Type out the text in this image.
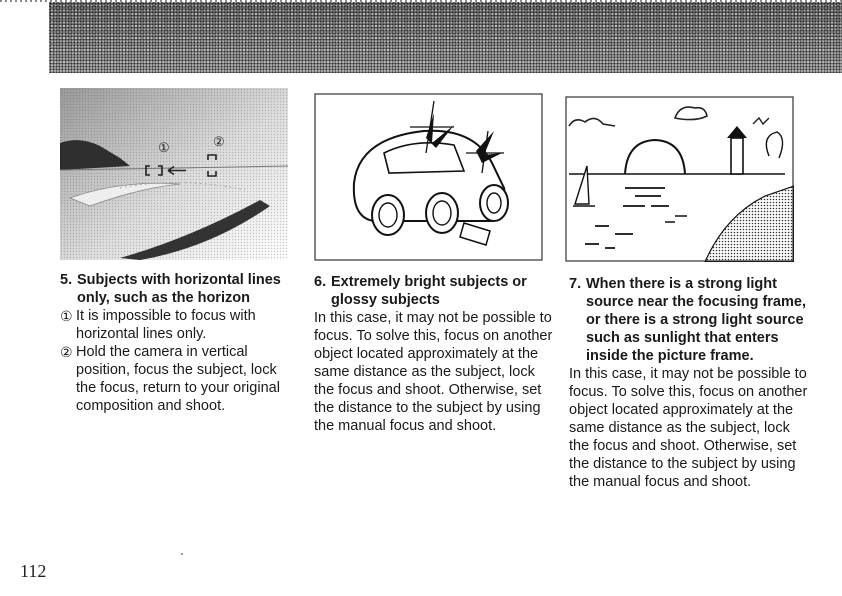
①	②
5. Subjects with horizontal lines only, such as the horizon
① It is impossible to focus with horizontal lines only.
② Hold the camera in vertical position, focus the subject, lock the focus, return to your original composition and shoot.
6. Extremely bright subjects or glossy subjects

In this case, it may not be possible to focus. To solve this, focus on another object located approximately at the same distance as the subject, lock the focus and shoot. Otherwise, set the distance to the subject by using the manual focus and shoot.

7. When there is a strong light source near the focusing frame, or there is a strong light source such as sunlight that enters inside the picture frame.

In this case, it may not be possible to focus. To solve this, focus on another object located approximately at the same distance as the subject, lock the focus and shoot. Otherwise, set the distance to the subject by using the manual focus and shoot.

112
